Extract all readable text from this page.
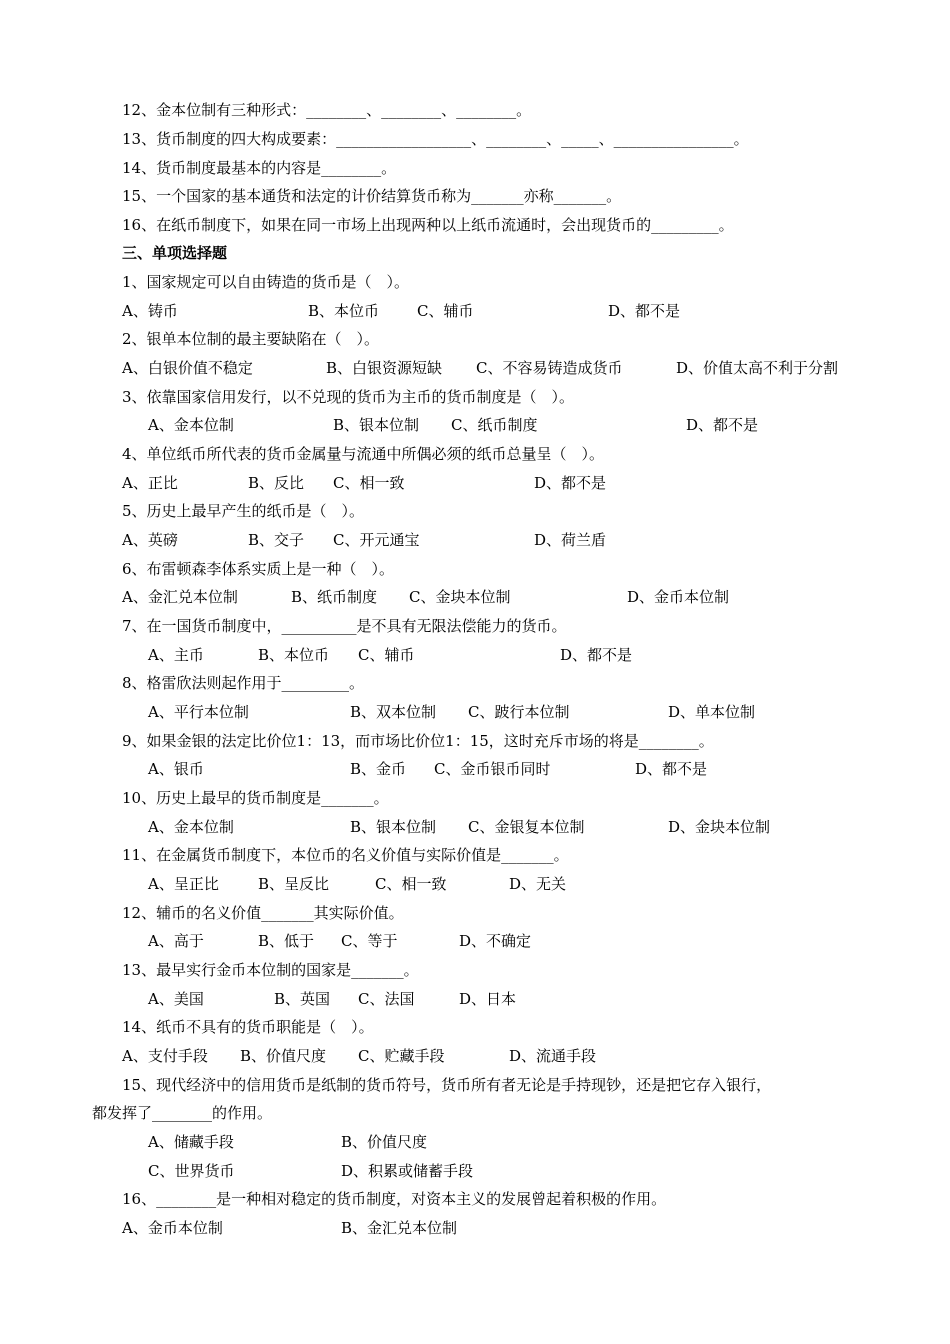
12、金本位制有三种形式：________、________、________。
13、货币制度的四大构成要素：__________________、________、_____、________________。
14、货币制度最基本的内容是________。
15、一个国家的基本通货和法定的计价结算货币称为_______亦称_______。
16、在纸币制度下，如果在同一市场上出现两种以上纸币流通时，会出现货币的_________。
三、单项选择题
1、国家规定可以自由铸造的货币是（　）。
A、铸币	B、本位币	C、辅币	D、都不是
2、银单本位制的最主要缺陷在（　）。
A、白银价值不稳定	B、白银资源短缺 C、不容易铸造成货币	D、价值太高不利于分割
3、依靠国家信用发行，以不兑现的货币为主币的货币制度是（　）。
A、金本位制	B、银本位制 C、纸币制度	D、都不是
4、单位纸币所代表的货币金属量与流通中所偶必须的纸币总量呈（　）。
A、正比	B、反比 C、相一致	D、都不是
5、历史上最早产生的纸币是（　）。
A、英磅	B、交子 C、开元通宝	D、荷兰盾
6、布雷顿森李体系实质上是一种（　）。
A、金汇兑本位制	B、纸币制度 C、金块本位制	D、金币本位制
7、在一国货币制度中，__________是不具有无限法偿能力的货币。
A、主币	B、本位币 C、辅币	D、都不是
8、格雷欣法则起作用于_________。
A、平行本位制	B、双本位制 C、跛行本位制	D、单本位制
9、如果金银的法定比价位1：13，而市场比价位1：15，这时充斥市场的将是________。
A、银币	B、金币 C、金币银币同时	D、都不是
10、历史上最早的货币制度是_______。
A、金本位制	B、银本位制 C、金银复本位制	D、金块本位制
11、在金属货币制度下，本位币的名义价值与实际价值是_______。
A、呈正比	B、呈反比	C、相一致	D、无关
12、辅币的名义价值_______其实际价值。
A、高于	B、低于 C、等于	D、不确定
13、最早实行金币本位制的国家是_______。
A、美国	B、英国 C、法国	D、日本
14、纸币不具有的货币职能是（　）。
A、支付手段 B、价值尺度 C、贮藏手段	D、流通手段
15、现代经济中的信用货币是纸制的货币符号，货币所有者无论是手持现钞，还是把它存入银行，
都发挥了________的作用。
A、储藏手段	B、价值尺度
C、世界货币	D、积累或储蓄手段
16、________是一种相对稳定的货币制度，对资本主义的发展曾起着积极的作用。
A、金币本位制	B、金汇兑本位制
